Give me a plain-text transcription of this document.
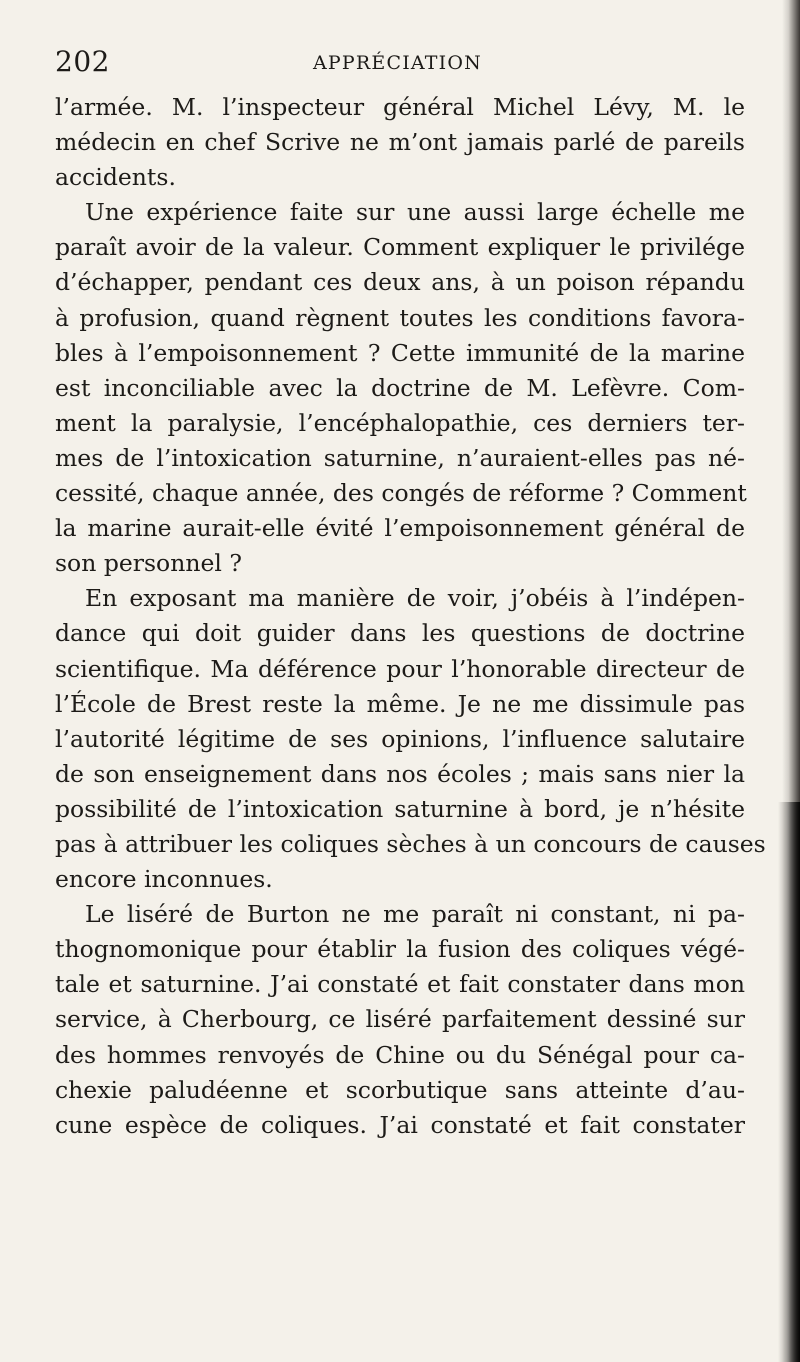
202	APPRÉCIATION
l’armée. M. l’inspecteur général Michel Lévy, M. le
médecin en chef Scrive ne m’ont jamais parlé de pareils
accidents.
Une expérience faite sur une aussi large échelle me
paraît avoir de la valeur. Comment expliquer le privilége
d’échapper, pendant ces deux ans, à un poison répandu
à profusion, quand règnent toutes les conditions favora-
bles à l’empoisonnement ? Cette immunité de la marine
est inconciliable avec la doctrine de M. Lefèvre. Com-
ment la paralysie, l’encéphalopathie, ces derniers ter-
mes de l’intoxication saturnine, n’auraient-elles pas né-
cessité, chaque année, des congés de réforme ? Comment
la marine aurait-elle évité l’empoisonnement général de
son personnel ?
En exposant ma manière de voir, j’obéis à l’indépen-
dance qui doit guider dans les questions de doctrine
scientifique. Ma déférence pour l’honorable directeur de
l’École de Brest reste la même. Je ne me dissimule pas
l’autorité légitime de ses opinions, l’influence salutaire
de son enseignement dans nos écoles ; mais sans nier la
possibilité de l’intoxication saturnine à bord, je n’hésite
pas à attribuer les coliques sèches à un concours de causes
encore inconnues.
Le liséré de Burton ne me paraît ni constant, ni pa-
thognomonique pour établir la fusion des coliques végé-
tale et saturnine. J’ai constaté et fait constater dans mon
service, à Cherbourg, ce liséré parfaitement dessiné sur
des hommes renvoyés de Chine ou du Sénégal pour ca-
chexie paludéenne et scorbutique sans atteinte d’au-
cune espèce de coliques. J’ai constaté et fait constater
